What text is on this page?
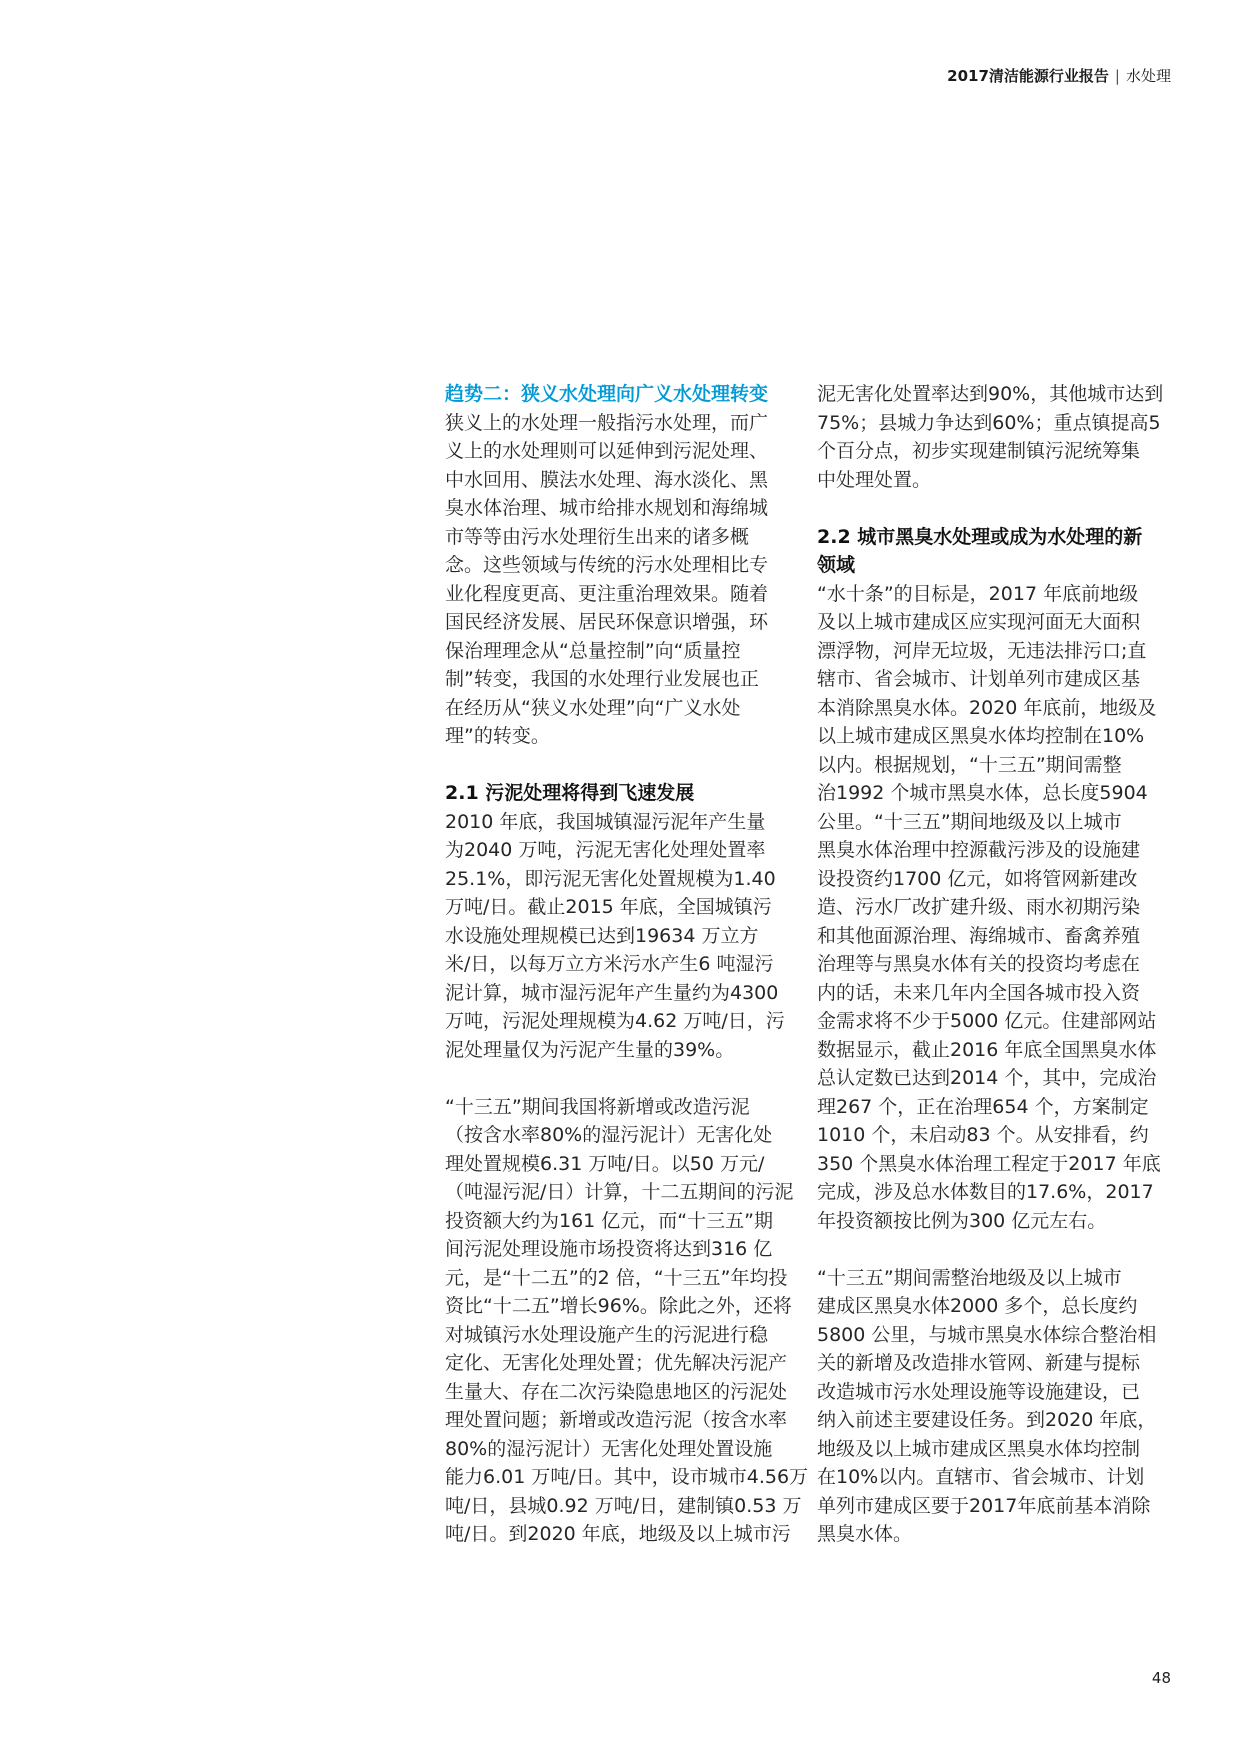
2017清洁能源行业报告 | 水处理
趋势二：狭义水处理向广义水处理转变

狭义上的水处理一般指污水处理，而广
义上的水处理则可以延伸到污泥处理、
中水回用、膜法水处理、海水淡化、黑
臭水体治理、城市给排水规划和海绵城
市等等由污水处理衍生出来的诸多概
念。这些领域与传统的污水处理相比专
业化程度更高、更注重治理效果。随着
国民经济发展、居民环保意识增强，环
保治理理念从“总量控制”向“质量控
制”转变，我国的水处理行业发展也正
在经历从“狭义水处理”向“广义水处
理”的转变。

2.1 污泥处理将得到飞速发展

2010 年底，我国城镇湿污泥年产生量
为2040 万吨，污泥无害化处理处置率
25.1%，即污泥无害化处置规模为1.40
万吨/日。截止2015 年底，全国城镇污
水设施处理规模已达到19634 万立方
米/日，以每万立方米污水产生6 吨湿污
泥计算，城市湿污泥年产生量约为4300
万吨，污泥处理规模为4.62 万吨/日，污
泥处理量仅为污泥产生量的39%。

“十三五”期间我国将新增或改造污泥
（按含水率80%的湿污泥计）无害化处
理处置规模6.31 万吨/日。以50 万元/
（吨湿污泥/日）计算，十二五期间的污泥
投资额大约为161 亿元，而“十三五”期
间污泥处理设施市场投资将达到316 亿
元，是“十二五”的2 倍，“十三五”年均投
资比“十二五”增长96%。除此之外，还将
对城镇污水处理设施产生的污泥进行稳
定化、无害化处理处置；优先解决污泥产
生量大、存在二次污染隐患地区的污泥处
理处置问题；新增或改造污泥（按含水率
80%的湿污泥计）无害化处理处置设施
能力6.01 万吨/日。其中，设市城市4.56万
吨/日，县城0.92 万吨/日，建制镇0.53 万
吨/日。到2020 年底，地级及以上城市污

泥无害化处置率达到90%，其他城市达到
75%；县城力争达到60%；重点镇提高5
个百分点，初步实现建制镇污泥统筹集
中处理处置。

2.2 城市黑臭水处理或成为水处理的新
领域

“水十条”的目标是，2017 年底前地级
及以上城市建成区应实现河面无大面积
漂浮物，河岸无垃圾，无违法排污口;直
辖市、省会城市、计划单列市建成区基
本消除黑臭水体。2020 年底前，地级及
以上城市建成区黑臭水体均控制在10%
以内。根据规划，“十三五”期间需整
治1992 个城市黑臭水体，总长度5904
公里。“十三五”期间地级及以上城市
黑臭水体治理中控源截污涉及的设施建
设投资约1700 亿元，如将管网新建改
造、污水厂改扩建升级、雨水初期污染
和其他面源治理、海绵城市、畜禽养殖
治理等与黑臭水体有关的投资均考虑在
内的话，未来几年内全国各城市投入资
金需求将不少于5000 亿元。住建部网站
数据显示，截止2016 年底全国黑臭水体
总认定数已达到2014 个，其中，完成治
理267 个，正在治理654 个，方案制定
1010 个，未启动83 个。从安排看，约
350 个黑臭水体治理工程定于2017 年底
完成，涉及总水体数目的17.6%，2017
年投资额按比例为300 亿元左右。

“十三五”期间需整治地级及以上城市
建成区黑臭水体2000 多个，总长度约
5800 公里，与城市黑臭水体综合整治相
关的新增及改造排水管网、新建与提标
改造城市污水处理设施等设施建设，已
纳入前述主要建设任务。到2020 年底，
地级及以上城市建成区黑臭水体均控制
在10%以内。直辖市、省会城市、计划
单列市建成区要于2017年底前基本消除
黑臭水体。

48
